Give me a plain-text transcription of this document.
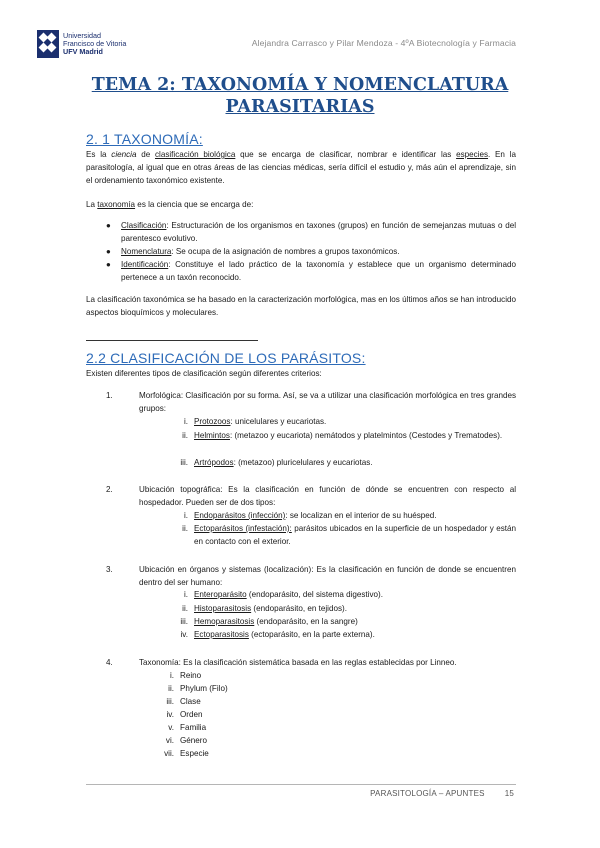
Universidad
Francisco de Vitoria
UFV Madrid
Alejandra Carrasco y Pilar Mendoza - 4ºA Biotecnología y Farmacia
TEMA 2: TAXONOMÍA Y NOMENCLATURA
PARASITARIAS
2. 1 TAXONOMÍA:
Es la ciencia de clasificación biológica que se encarga de clasificar, nombrar e identificar las especies. En la parasitología, al igual que en otras áreas de las ciencias médicas, sería difícil el estudio y, más aún el aprendizaje, sin el ordenamiento taxonómico existente.
La taxonomía es la ciencia que se encarga de:
● Clasificación: Estructuración de los organismos en taxones (grupos) en función de semejanzas mutuas o del parentesco evolutivo.
● Nomenclatura: Se ocupa de la asignación de nombres a grupos taxonómicos.
● Identificación: Constituye el lado práctico de la taxonomía y establece que un organismo determinado pertenece a un taxón reconocido.
La clasificación taxonómica se ha basado en la caracterización morfológica, mas en los últimos años se han introducido aspectos bioquímicos y moleculares.
2.2 CLASIFICACIÓN DE LOS PARÁSITOS:
Existen diferentes tipos de clasificación según diferentes criterios:
1.	Morfológica: Clasificación por su forma. Así, se va a utilizar una clasificación morfológica en tres grandes grupos:
i. Protozoos: unicelulares y eucariotas.
ii. Helmintos: (metazoo y eucariota) nemátodos y platelmintos (Cestodes y Trematodes).
iii. Artrópodos: (metazoo) pluricelulares y eucariotas.
2.	Ubicación topográfica: Es la clasificación en función de dónde se encuentren con respecto al hospedador. Pueden ser de dos tipos:
i. Endoparásitos (infección): se localizan en el interior de su huésped.
ii. Ectoparásitos (infestación): parásitos ubicados en la superficie de un hospedador y están en contacto con el exterior.
3.	Ubicación en órganos y sistemas (localización): Es la clasificación en función de donde se encuentren dentro del ser humano:
i. Enteroparásito (endoparásito, del sistema digestivo).
ii. Histoparasitosis (endoparásito, en tejidos).
iii. Hemoparasitosis (endoparásito, en la sangre)
iv. Ectoparasitosis (ectoparásito, en la parte externa).
4.	Taxonomía: Es la clasificación sistemática basada en las reglas establecidas por Linneo.
i. Reino
ii. Phylum (Filo)
iii. Clase
iv. Orden
v. Familia
vi. Género
vii. Especie
PARASITOLOGÍA – APUNTES	15
